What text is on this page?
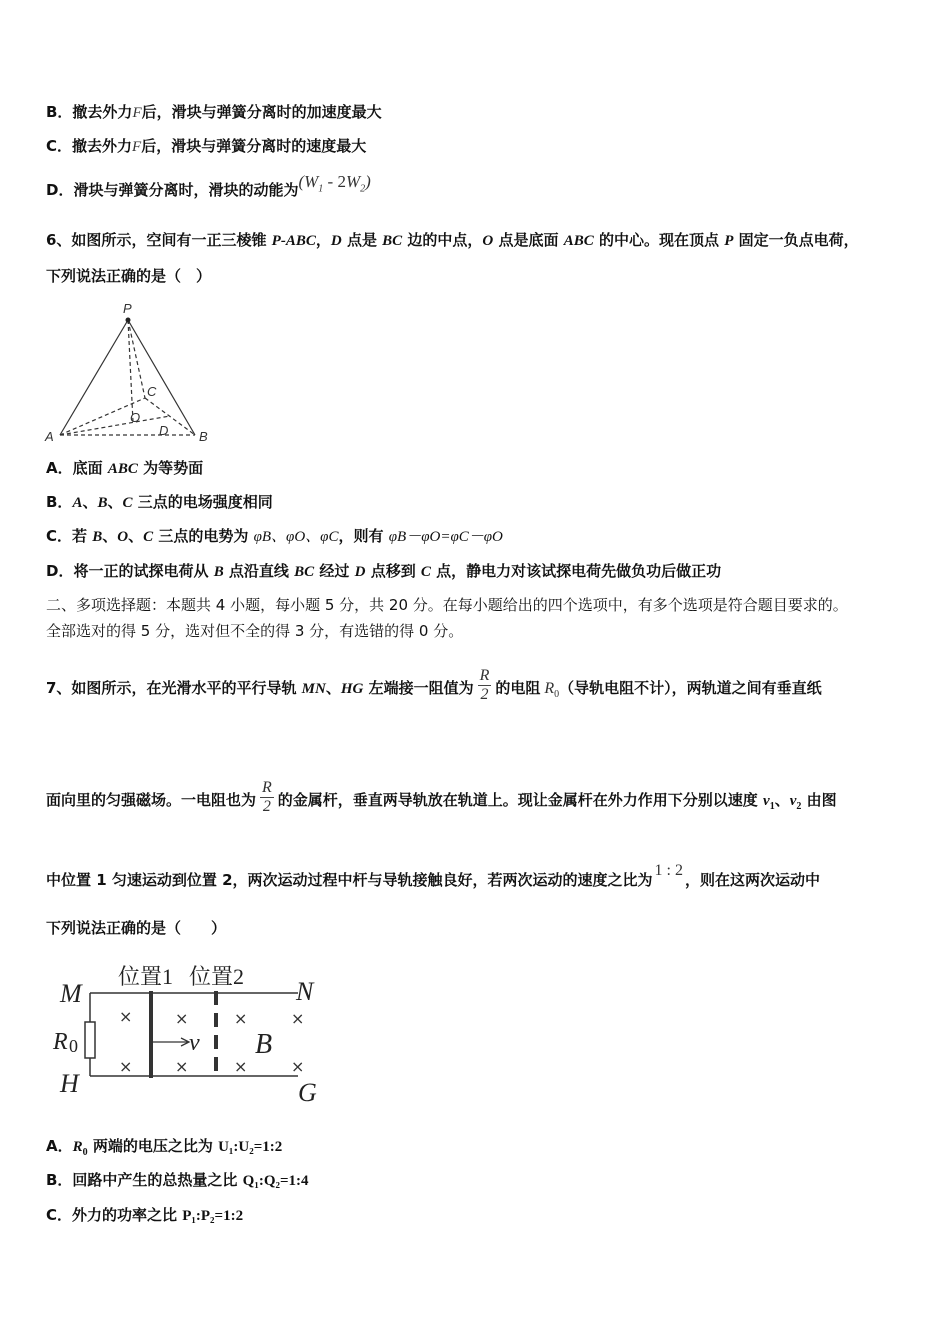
B．撤去外力F后，滑块与弹簧分离时的加速度最大
C．撤去外力F后，滑块与弹簧分离时的速度最大
D．滑块与弹簧分离时，滑块的动能为$(W_1 - 2W_2)$
6、如图所示，空间有一正三棱锥 P-ABC，D 点是 BC 边的中点，O 点是底面 ABC 的中心。现在顶点 P 固定一负点电荷，
下列说法正确的是（　）
P
C
O
D
A	B
A．底面 ABC 为等势面
B．A、B、C 三点的电场强度相同
C．若 B、O、C 三点的电势为 φB、φO、φC，则有 φB－φO=φC－φO
D．将一正的试探电荷从 B 点沿直线 BC 经过 D 点移到 C 点，静电力对该试探电荷先做负功后做正功
二、多项选择题：本题共 4 小题，每小题 5 分，共 20 分。在每小题给出的四个选项中，有多个选项是符合题目要求的。
全部选对的得 5 分，选对但不全的得 3 分，有选错的得 0 分。
7、如图所示，在光滑水平的平行导轨 MN、HG 左端接一阻值为 $\frac{R}{2}$ 的电阻 $R_0$（导轨电阻不计），两轨道之间有垂直纸
面向里的匀强磁场。一电阻也为 $\frac{R}{2}$ 的金属杆，垂直两导轨放在轨道上。现让金属杆在外力作用下分别以速度 $v_1$、$v_2$ 由图
中位置 1 匀速运动到位置 2，两次运动过程中杆与导轨接触良好，若两次运动的速度之比为1 : 2，则在这两次运动中
下列说法正确的是（　　）
位置1 位置2
M	N
H	G
R 0	v B
×
×
×
×
×
×
×
×
A．$R_0$ 两端的电压之比为 U₁:U₂=1:2
B．回路中产生的总热量之比 Q₁:Q₂=1:4
C．外力的功率之比 P₁:P₂=1:2
